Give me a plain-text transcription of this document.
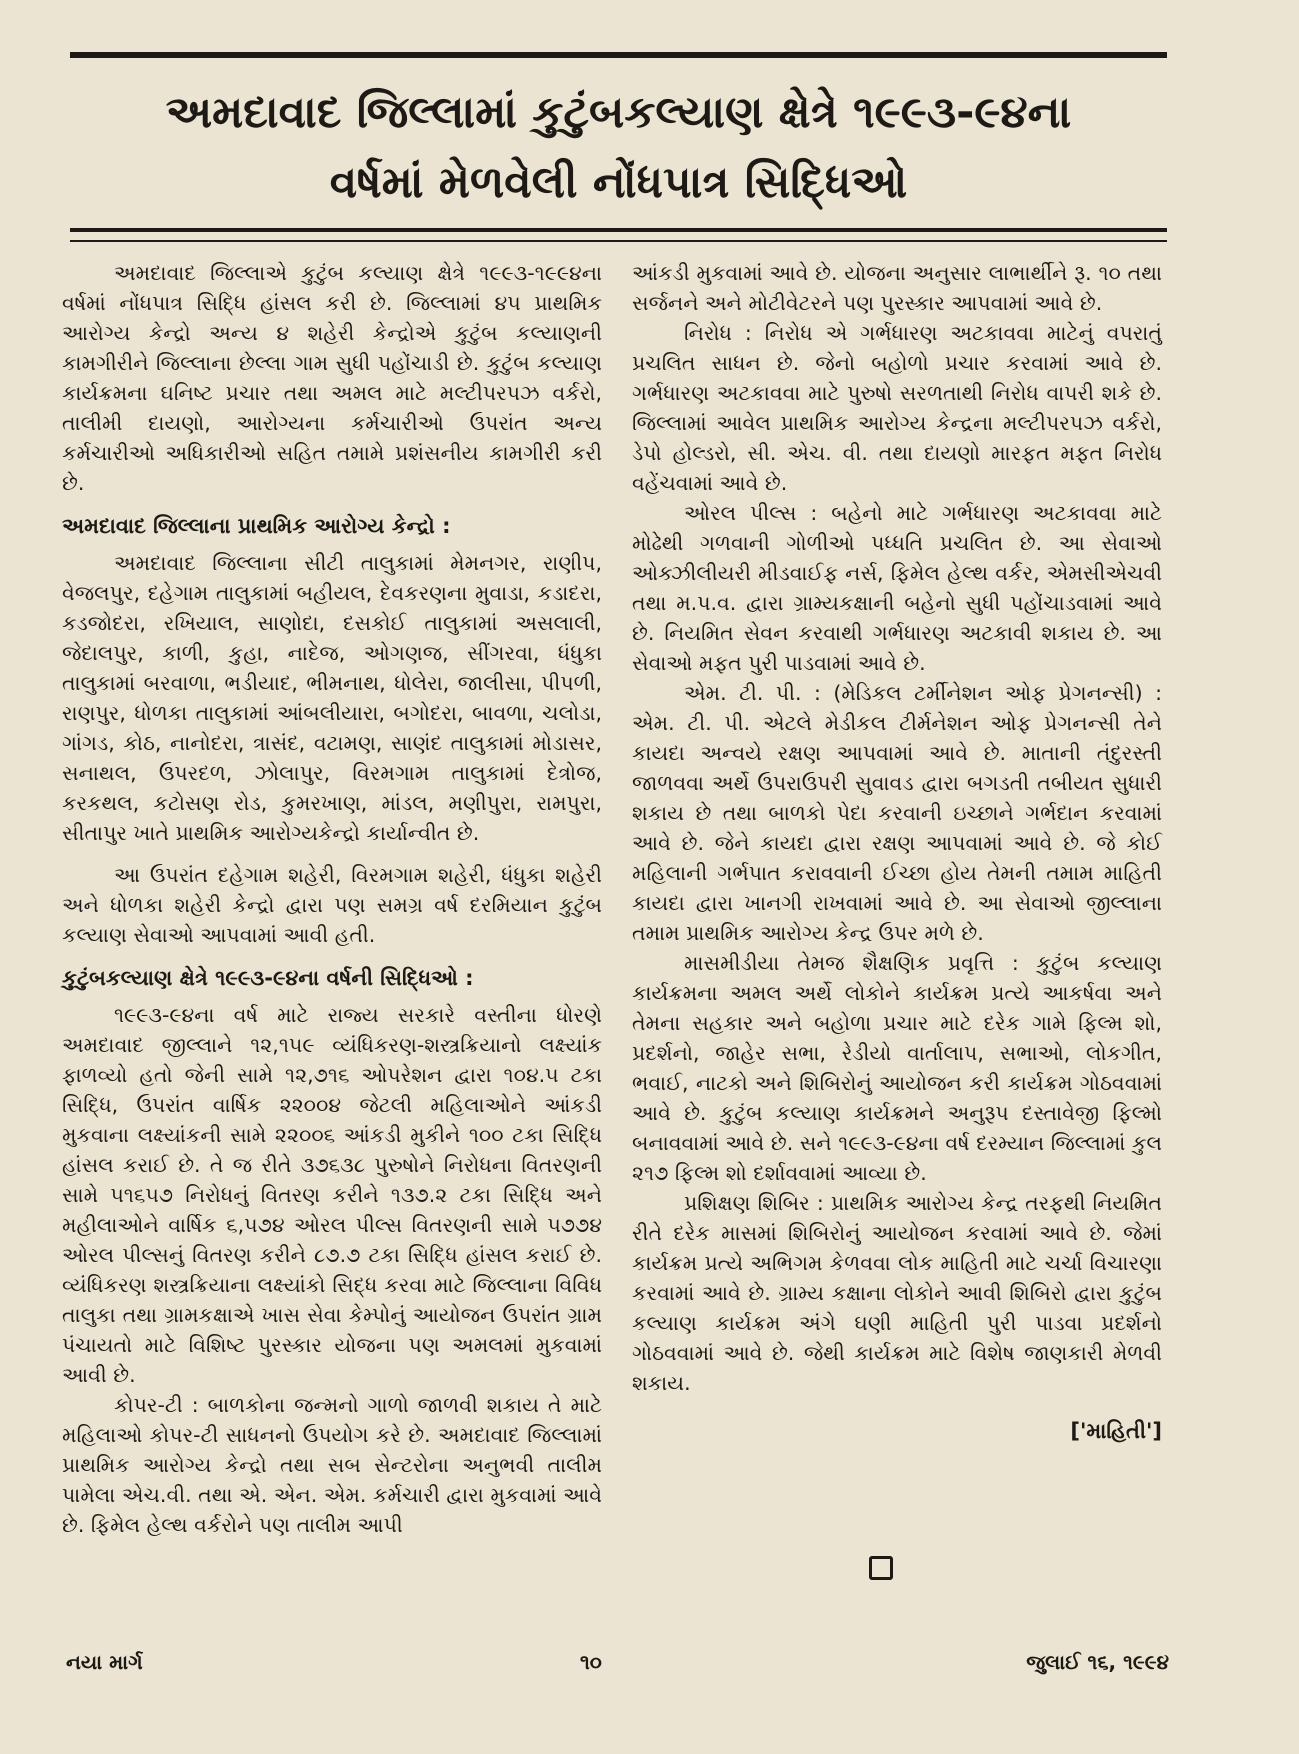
અમદાવાદ જિલ્લામાં કુટુંબકલ્યાણ ક્ષેત્રે ૧૯૯૩-૯૪ના
વર્ષમાં મેળવેલી નોંધપાત્ર સિદ્ધિઓ

અમદાવાદ જિલ્લાએ કુટુંબ કલ્યાણ ક્ષેત્રે ૧૯૯૩-૧૯૯૪ના વર્ષમાં નોંધપાત્ર સિદ્ધિ હાંસલ કરી છે. જિલ્લામાં ૪૫ પ્રાથમિક આરોગ્ય કેન્દ્રો અન્ય ૪ શહેરી કેન્દ્રોએ કુટુંબ કલ્યાણની કામગીરીને જિલ્લાના છેલ્લા ગામ સુધી પહોંચાડી છે. કુટુંબ કલ્યાણ કાર્યક્રમના ઘનિષ્ટ પ્રચાર તથા અમલ માટે મલ્ટીપરપઝ વર્કરો, તાલીમી દાયણો, આરોગ્યના કર્મચારીઓ ઉપરાંત અન્ય કર્મચારીઓ અધિકારીઓ સહિત તમામે પ્રશંસનીય કામગીરી કરી છે.

અમદાવાદ જિલ્લાના પ્રાથમિક આરોગ્ય કેન્દ્રો :

અમદાવાદ જિલ્લાના સીટી તાલુકામાં મેમનગર, રાણીપ, વેજલપુર, દહેગામ તાલુકામાં બહીયલ, દેવકરણના મુવાડા, કડાદરા, કડજોદરા, રખિયાલ, સાણોદા, દસકોઈ તાલુકામાં અસલાલી, જેદાલપુર, કાળી, કુહા, નાદેજ, ઓગણજ, સીંગરવા, ધંધુકા તાલુકામાં બરવાળા, ભડીયાદ, ભીમનાથ, ધોલેરા, જાલીસા, પીપળી, રાણપુર, ધોળકા તાલુકામાં આંબલીયારા, બગોદરા, બાવળા, ચલોડા, ગાંગડ, કોઠ, નાનોદરા, ત્રાસંદ, વટામણ, સાણંદ તાલુકામાં મોડાસર, સનાથલ, ઉપરદળ, ઝોલાપુર, વિરમગામ તાલુકામાં દેત્રોજ, કરકથલ, કટોસણ રોડ, કુમરખાણ, માંડલ, મણીપુરા, રામપુરા, સીતાપુર ખાતે પ્રાથમિક આરોગ્યકેન્દ્રો કાર્યાન્વીત છે.

આ ઉપરાંત દહેગામ શહેરી, વિરમગામ શહેરી, ધંધુકા શહેરી અને ધોળકા શહેરી કેન્દ્રો દ્વારા પણ સમગ્ર વર્ષ દરમિયાન કુટુંબ કલ્યાણ સેવાઓ આપવામાં આવી હતી.

કુટુંબકલ્યાણ ક્ષેત્રે ૧૯૯૩-૯૪ના વર્ષની સિદ્ધિઓ :

૧૯૯૩-૯૪ના વર્ષ માટે રાજ્ય સરકારે વસ્તીના ધોરણે અમદાવાદ જીલ્લાને ૧૨,૧૫૯ વ્યંધિકરણ-શસ્ત્રક્રિયાનો લક્ષ્યાંક ફાળવ્યો હતો જેની સામે ૧૨,૭૧૬ ઓપરેશન દ્વારા ૧૦૪.૫ ટકા સિદ્ધિ, ઉપરાંત વાર્ષિક ૨૨૦૦૪ જેટલી મહિલાઓને આંકડી મુકવાના લક્ષ્યાંકની સામે ૨૨૦૦૬ આંકડી મુકીને ૧૦૦ ટકા સિદ્ધિ હાંસલ કરાઈ છે. તે જ રીતે ૩૭૬૩૮ પુરુષોને નિરોધના વિતરણની સામે ૫૧૬૫૭ નિરોધનું વિતરણ કરીને ૧૩૭.૨ ટકા સિદ્ધિ અને મહીલાઓને વાર્ષિક ૬,૫૭૪ ઓરલ પીલ્સ વિતરણની સામે ૫૭૭૪ ઓરલ પીલ્સનું વિતરણ કરીને ૮૭.૭ ટકા સિદ્ધિ હાંસલ કરાઈ છે. વ્યંધિકરણ શસ્ત્રક્રિયાના લક્ષ્યાંકો સિદ્ધ કરવા માટે જિલ્લાના વિવિધ તાલુકા તથા ગ્રામકક્ષાએ ખાસ સેવા કેમ્પોનું આયોજન ઉપરાંત ગ્રામ પંચાયતો માટે વિશિષ્ટ પુરસ્કાર યોજના પણ અમલમાં મુકવામાં આવી છે.

કોપર-ટી : બાળકોના જન્મનો ગાળો જાળવી શકાય તે માટે મહિલાઓ કોપર-ટી સાધનનો ઉપયોગ કરે છે. અમદાવાદ જિલ્લામાં પ્રાથમિક આરોગ્ય કેન્દ્રો તથા સબ સેન્ટરોના અનુભવી તાલીમ પામેલા એચ.વી. તથા એ. એન. એમ. કર્મચારી દ્વારા મુકવામાં આવે છે. ફિમેલ હેલ્થ વર્કરોને પણ તાલીમ આપી

આંકડી મુકવામાં આવે છે. યોજના અનુસાર લાભાર્થીને રૂ. ૧૦ તથા સર્જનને અને મોટીવેટરને પણ પુરસ્કાર આપવામાં આવે છે.

નિરોધ : નિરોધ એ ગર્ભધારણ અટકાવવા માટેનું વપરાતું પ્રચલિત સાધન છે. જેનો બહોળો પ્રચાર કરવામાં આવે છે. ગર્ભધારણ અટકાવવા માટે પુરુષો સરળતાથી નિરોધ વાપરી શકે છે. જિલ્લામાં આવેલ પ્રાથમિક આરોગ્ય કેન્દ્રના મલ્ટીપરપઝ વર્કરો, ડેપો હોલ્ડરો, સી. એચ. વી. તથા દાયણો મારફત મફત નિરોધ વહેંચવામાં આવે છે.

ઓરલ પીલ્સ : બહેનો માટે ગર્ભધારણ અટકાવવા માટે મોઢેથી ગળવાની ગોળીઓ પધ્ધતિ પ્રચલિત છે. આ સેવાઓ ઓક્ઝીલીયરી મીડવાઈફ નર્સ, ફિમેલ હેલ્થ વર્કર, એમસીએચવી તથા મ.પ.વ. દ્વારા ગ્રામ્યકક્ષાની બહેનો સુધી પહોંચાડવામાં આવે છે. નિયમિત સેવન કરવાથી ગર્ભધારણ અટકાવી શકાય છે. આ સેવાઓ મફત પુરી પાડવામાં આવે છે.

એમ. ટી. પી. : (મેડિકલ ટર્મીનેશન ઓફ પ્રેગનન્સી) : એમ. ટી. પી. એટલે મેડીકલ ટીર્મનેશન ઓફ પ્રેગનન્સી તેને કાયદા અન્વયે રક્ષણ આપવામાં આવે છે. માતાની તંદુરસ્તી જાળવવા અર્થે ઉપરાઉપરી સુવાવડ દ્વારા બગડતી તબીયત સુધારી શકાય છે તથા બાળકો પેદા કરવાની ઇચ્છાને ગર્ભદાન કરવામાં આવે છે. જેને કાયદા દ્વારા રક્ષણ આપવામાં આવે છે. જે કોઈ મહિલાની ગર્ભપાત કરાવવાની ઈચ્છા હોય તેમની તમામ માહિતી કાયદા દ્વારા ખાનગી રાખવામાં આવે છે. આ સેવાઓ જીલ્લાના તમામ પ્રાથમિક આરોગ્ય કેન્દ્ર ઉપર મળે છે.

માસમીડીયા તેમજ શૈક્ષણિક પ્રવૃત્તિ : કુટુંબ કલ્યાણ કાર્યક્રમના અમલ અર્થે લોકોને કાર્યક્રમ પ્રત્યે આકર્ષવા અને તેમના સહકાર અને બહોળા પ્રચાર માટે દરેક ગામે ફિલ્મ શો, પ્રદર્શનો, જાહેર સભા, રેડીયો વાર્તાલાપ, સભાઓ, લોકગીત, ભવાઈ, નાટકો અને શિબિરોનું આયોજન કરી કાર્યક્રમ ગોઠવવામાં આવે છે. કુટુંબ કલ્યાણ કાર્યક્રમને અનુરૂપ દસ્તાવેજી ફિલ્મો બનાવવામાં આવે છે. સને ૧૯૯૩-૯૪ના વર્ષ દરમ્યાન જિલ્લામાં કુલ ૨૧૭ ફિલ્મ શો દર્શાવવામાં આવ્યા છે.

પ્રશિક્ષણ શિબિર : પ્રાથમિક આરોગ્ય કેન્દ્ર તરફથી નિયમિત રીતે દરેક માસમાં શિબિરોનું આયોજન કરવામાં આવે છે. જેમાં કાર્યક્રમ પ્રત્યે અભિગમ કેળવવા લોક માહિતી માટે ચર્ચા વિચારણા કરવામાં આવે છે. ગ્રામ્ય કક્ષાના લોકોને આવી શિબિરો દ્વારા કુટુંબ કલ્યાણ કાર્યક્રમ અંગે ઘણી માહિતી પુરી પાડવા પ્રદર્શનો ગોઠવવામાં આવે છે. જેથી કાર્યક્રમ માટે વિશેષ જાણકારી મેળવી શકાય.

['માહિતી']
નયા માર્ગ	૧૦	જુલાઈ ૧૬, ૧૯૯૪
